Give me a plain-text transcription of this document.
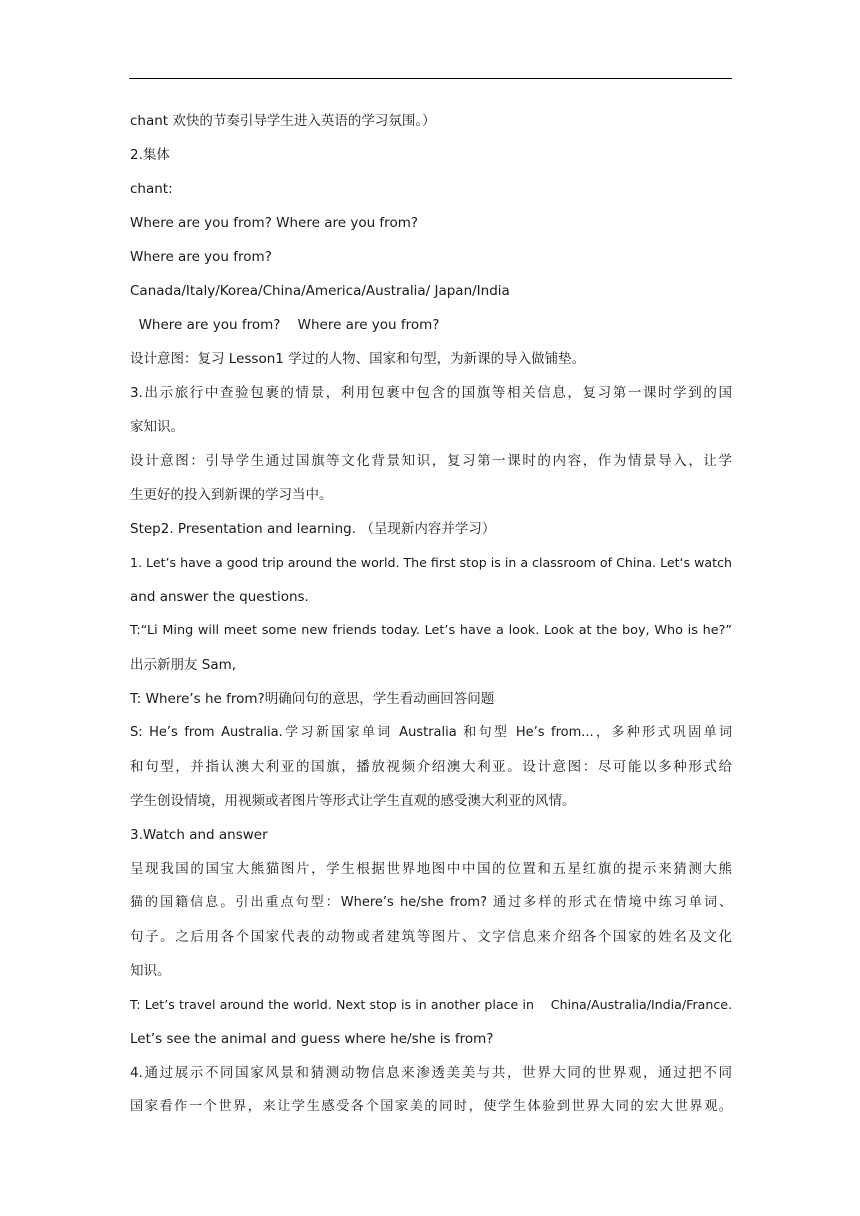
chant 欢快的节奏引导学生进入英语的学习氛围。）
2.集体
chant:
Where are you from? Where are you from?
Where are you from?
Canada/Italy/Korea/China/America/Australia/ Japan/India
Where are you from?    Where are you from?
设计意图：复习 Lesson1 学过的人物、国家和句型，为新课的导入做铺垫。
3.出示旅行中查验包裹的情景，利用包裹中包含的国旗等相关信息，复习第一课时学到的国
家知识。
设计意图：引导学生通过国旗等文化背景知识，复习第一课时的内容，作为情景导入，让学
生更好的投入到新课的学习当中。
Step2. Presentation and learning. （呈现新内容并学习）
1. Let’s have a good trip around the world. The first stop is in a classroom of China. Let‘s watch
and answer the questions.
T:“Li Ming will meet some new friends today. Let’s have a look. Look at the boy, Who is he?”
出示新朋友 Sam,
T: Where’s he from?明确问句的意思，学生看动画回答问题
S: He’s from Australia.学习新国家单词 Australia 和句型 He’s from...，多种形式巩固单词
和句型，并指认澳大利亚的国旗，播放视频介绍澳大利亚。设计意图：尽可能以多种形式给
学生创设情境，用视频或者图片等形式让学生直观的感受澳大利亚的风情。
3.Watch and answer
呈现我国的国宝大熊猫图片，学生根据世界地图中中国的位置和五星红旗的提示来猜测大熊
猫的国籍信息。引出重点句型：Where’s he/she from? 通过多样的形式在情境中练习单词、
句子。之后用各个国家代表的动物或者建筑等图片、文字信息来介绍各个国家的姓名及文化
知识。
T: Let’s travel around the world. Next stop is in another place in    China/Australia/India/France.
Let’s see the animal and guess where he/she is from?
4.通过展示不同国家风景和猜测动物信息来渗透美美与共，世界大同的世界观，通过把不同
国家看作一个世界，来让学生感受各个国家美的同时，使学生体验到世界大同的宏大世界观。
